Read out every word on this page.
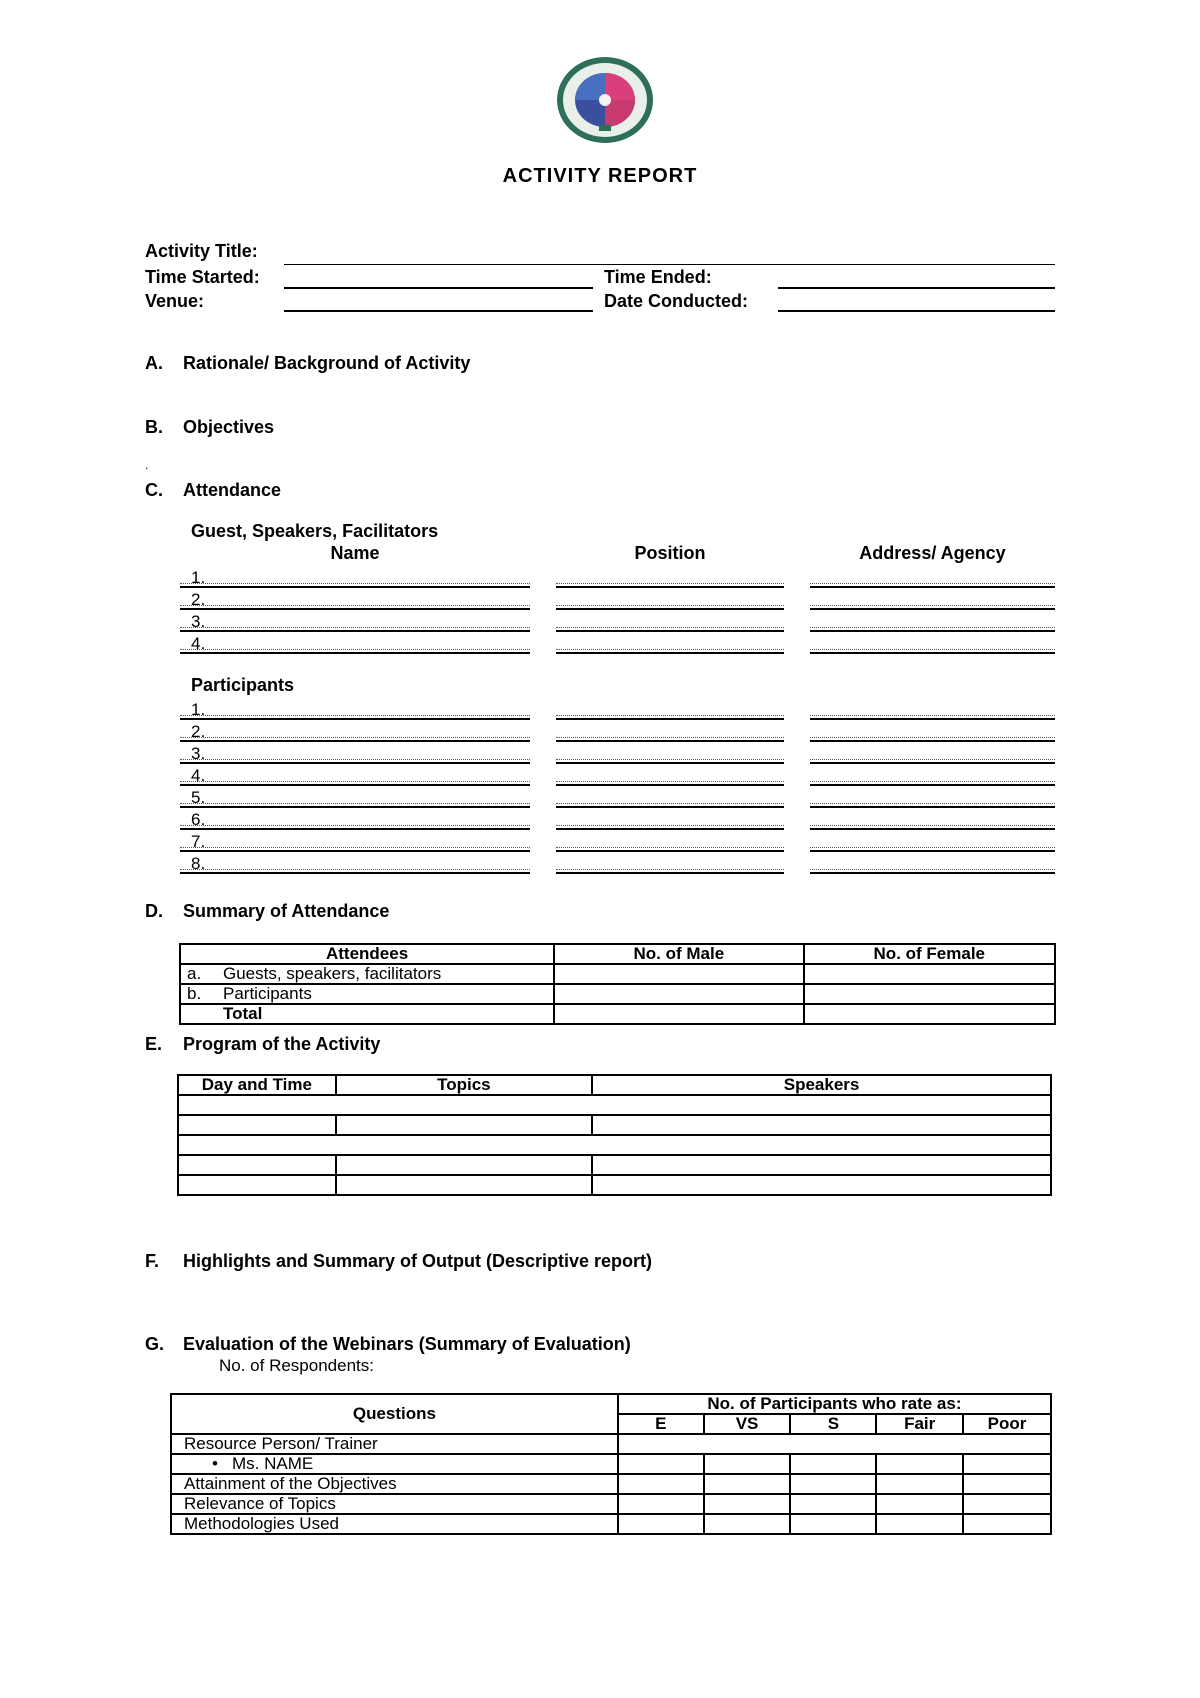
ACTIVITY REPORT
Activity Title:
Time Started:	Time Ended:
Venue:	Date Conducted:
A. Rationale/ Background of Activity
B. Objectives
.
C. Attendance
Guest, Speakers, Facilitators
Name	Position	Address/ Agency
1.
2.
3.
4.
Participants
1.
2.
3.
4.
5.
6.
7.
8.
D. Summary of Attendance
Attendees	No. of Male	No. of Female
a. Guests, speakers, facilitators		
b. Participants		
Total		
E. Program of the Activity
Day and Time	Topics	Speakers

F. Highlights and Summary of Output (Descriptive report)
G. Evaluation of the Webinars (Summary of Evaluation)
No. of Respondents:
Questions	No. of Participants who rate as:				
	E	VS	S	Fair	Poor
Resource Person/ Trainer					
• Ms. NAME					
Attainment of the Objectives					
Relevance of Topics					
Methodologies Used					
